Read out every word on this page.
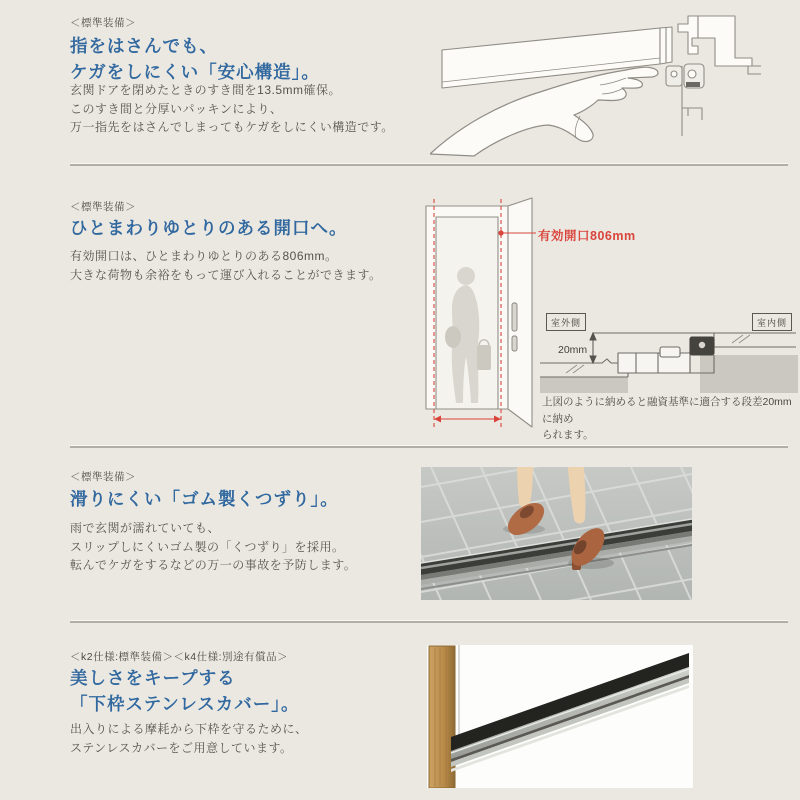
＜標準装備＞
指をはさんでも、
ケガをしにくい「安心構造」。
玄関ドアを閉めたときのすき間を13.5mm確保。
このすき間と分厚いパッキンにより、
万一指先をはさんでしまってもケガをしにくい構造です。
＜標準装備＞
ひとまわりゆとりのある開口へ。
有効開口は、ひとまわりゆとりのある806mm。
大きな荷物も余裕をもって運び入れることができます。
有効開口806mm
室外側	室内側
20mm
上図のように納めると融資基準に適合する段差20mmに納め
られます。
＜標準装備＞
滑りにくい「ゴム製くつずり」。
雨で玄関が濡れていても、
スリップしにくいゴム製の「くつずり」を採用。
転んでケガをするなどの万一の事故を予防します。
＜k2仕様:標準装備＞＜k4仕様:別途有償品＞
美しさをキープする
「下枠ステンレスカバー」。
出入りによる摩耗から下枠を守るために、
ステンレスカバーをご用意しています。
